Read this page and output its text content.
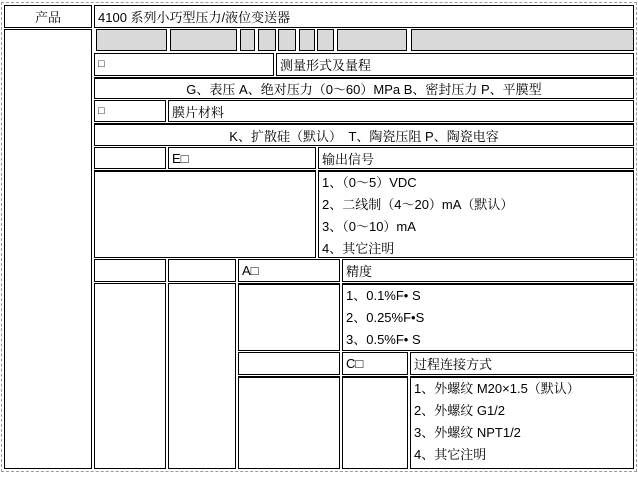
产品	4100 系列小巧型压力/液位变送器
□	测量形式及量程
G、表压 A、绝对压力（0～60）MPa B、密封压力 P、平膜型
□	膜片材料
K、扩散硅（默认）　T、陶瓷压阻 P、陶瓷电容
E□	输出信号
1、（0～5）VDC
2、二线制（4～20）mA（默认）
3、（0～10）mA
4、其它注明
A□	精度
1、0.1%F• S
2、0.25%F•S
3、0.5%F• S
C□	过程连接方式
1、外螺纹 M20×1.5（默认）
2、外螺纹 G1/2
3、外螺纹 NPT1/2
4、其它注明
